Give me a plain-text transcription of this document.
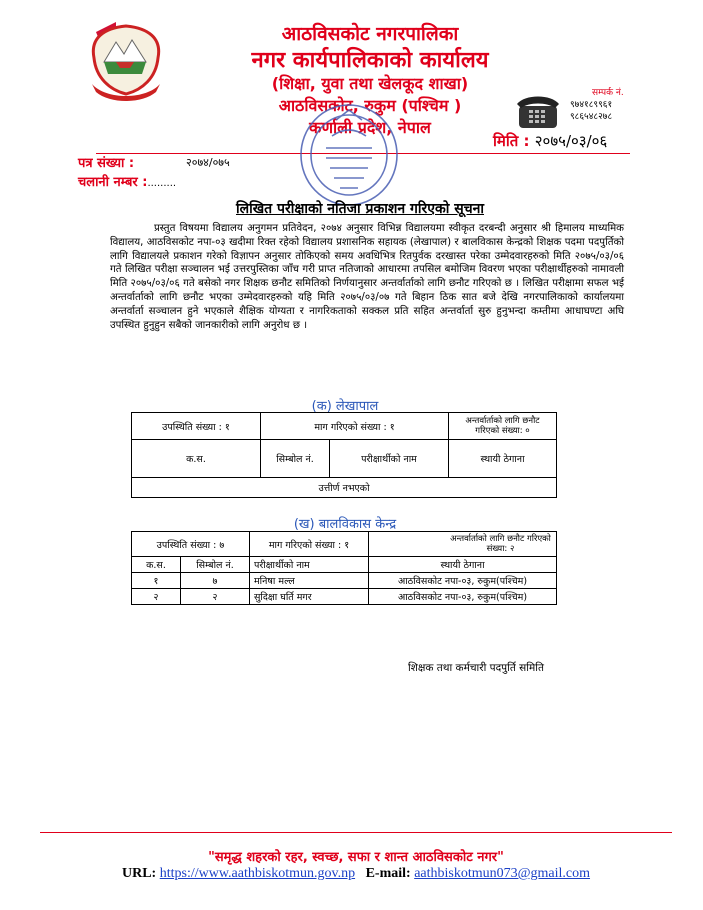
आठविसकोट नगरपालिका
नगर कार्यपालिकाको कार्यालय
(शिक्षा, युवा तथा खेलकूद शाखा)
आठविसकोट, रुकुम (पश्चिम )
कर्णाली प्रदेश, नेपाल
सम्पर्क नं.
९७४१८९९६१
९८६५४८२७८
मिति : २०७५/०३/०६
पत्र संख्या :	२०७४/०७५
चलानी नम्बर :.........
लिखित परीक्षाको नतिजा प्रकाशन गरिएको सूचना
प्रस्तुत विषयमा विद्यालय अनुगमन प्रतिवेदन, २०७४ अनुसार विभिन्न विद्यालयमा स्वीकृत दरबन्दी अनुसार श्री हिमालय माध्यमिक विद्यालय, आठविसकोट नपा-०३ खदीमा रिक्त रहेको विद्यालय प्रशासनिक सहायक (लेखापाल) र बालविकास केन्द्रको शिक्षक पदमा पदपुर्तिको लागि विद्यालयले प्रकाशन गरेको विज्ञापन अनुसार तोकिएको समय अवधिभित्र रितपुर्वक दरखास्त परेका उम्मेदवारहरुको मिति २०७५/०३/०६ गते लिखित परीक्षा सञ्चालन भई उत्तरपुस्तिका जाँच गरी प्राप्त नतिजाको आधारमा तपसिल बमोजिम विवरण भएका परीक्षार्थीहरुको नामावली मिति २०७५/०३/०६ गते बसेको नगर शिक्षक छनौट समितिको निर्णयानुसार अन्तर्वार्ताको लागि छनौट गरिएको छ । लिखित परीक्षामा सफल भई अन्तर्वार्ताको लागि छनौट भएका उम्मेदवारहरुको यहि मिति २०७५/०३/०७ गते बिहान ठिक सात बजे देखि नगरपालिकाको कार्यालयमा अन्तर्वार्ता सञ्चालन हुने भएकाले शैक्षिक योग्यता र नागरिकताको सक्कल प्रति सहित अन्तर्वार्ता सुरु हुनुभन्दा कम्तीमा आधाघण्टा अघि उपस्थित हुनुहुन सबैको जानकारीको लागि अनुरोध छ ।
(क) लेखापाल
उपस्थिति संख्या : १	माग गरिएको संख्या : १		अन्तर्वार्ताको लागि छनौट गरिएको संख्या: ०
क.स.	सिम्बोल नं.	परीक्षार्थीको नाम	स्थायी ठेगाना
उत्तीर्ण नभएको			
(ख) बालविकास केन्द्र
उपस्थिति संख्या : ७		माग गरिएको संख्या : १	अन्तर्वार्ताको लागि छनौट गरिएको संख्या: २
क.स.	सिम्बोल नं.	परीक्षार्थीको नाम	स्थायी ठेगाना
१	७	मनिषा मल्ल	आठविसकोट नपा-०३, रुकुम(पश्चिम)
२	२	सुदिक्षा घर्ति मगर	आठविसकोट नपा-०३, रुकुम(पश्चिम)
शिक्षक तथा कर्मचारी पदपुर्ति समिति
"समृद्ध शहरको रहर, स्वच्छ, सफा र शान्त आठविसकोट नगर"
URL: https://www.aathbiskotmun.gov.np E-mail: aathbiskotmun073@gmail.com
